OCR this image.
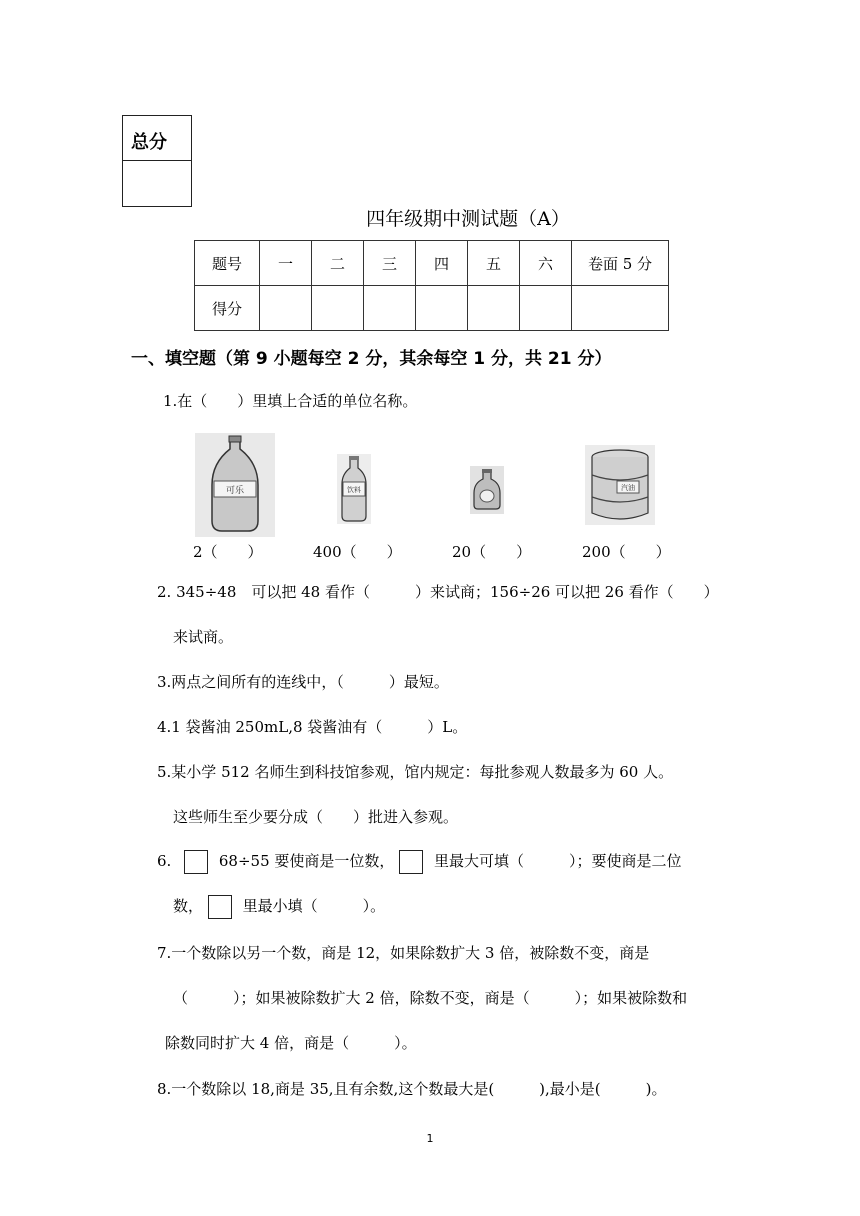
总分
四年级期中测试题（A）
题号	一	二	三	四	五	六	卷面 5 分
得分							
一、填空题（第 9 小题每空 2 分，其余每空 1 分，共 21 分）
1.在（　　）里填上合适的单位名称。
可乐	饮料	汽油
2（　　）	400（　　）	20（　　）	200（　　）
2. 345÷48　可以把 48 看作（　　　）来试商；156÷26 可以把 26 看作（　　）
来试商。
3.两点之间所有的连线中，（　　　）最短。
4.1 袋酱油 250mL,8 袋酱油有（　　　）L。
5.某小学 512 名师生到科技馆参观，馆内规定：每批参观人数最多为 60 人。
这些师生至少要分成（　　）批进入参观。
6.	68÷55 要使商是一位数，	里最大可填（　　　）；要使商是二位
数，	里最小填（　　　）。
7.一个数除以另一个数，商是 12，如果除数扩大 3 倍，被除数不变，商是
（　　　）；如果被除数扩大 2 倍，除数不变，商是（　　　）；如果被除数和
除数同时扩大 4 倍，商是（　　　）。
8.一个数除以 18,商是 35,且有余数,这个数最大是(　　　),最小是(　　　)。
1
